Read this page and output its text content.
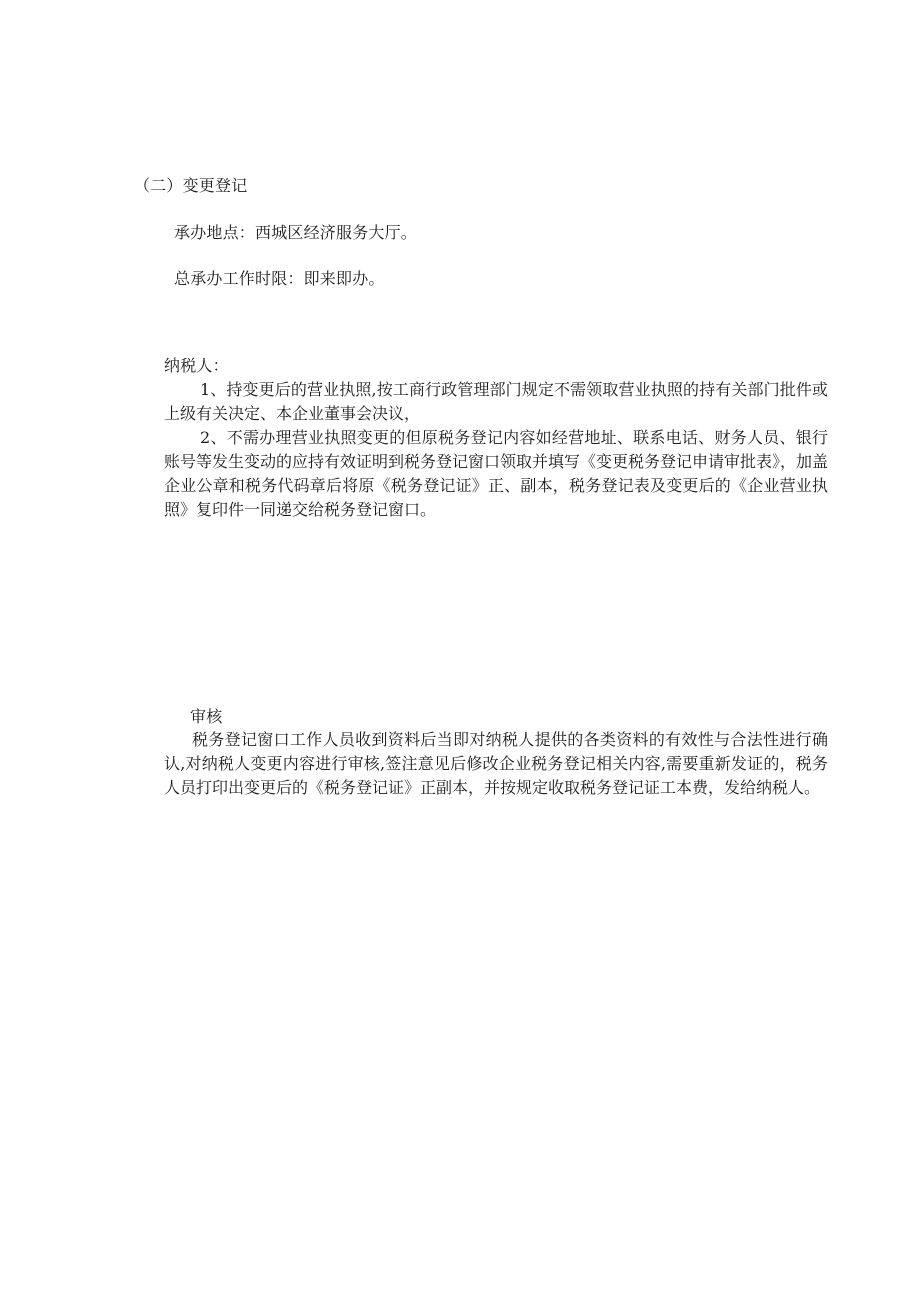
（二）变更登记
承办地点：西城区经济服务大厅。
总承办工作时限：即来即办。
纳税人：
1、持变更后的营业执照,按工商行政管理部门规定不需领取营业执照的持有关部门批件或上级有关决定、本企业董事会决议，
2、不需办理营业执照变更的但原税务登记内容如经营地址、联系电话、财务人员、银行账号等发生变动的应持有效证明到税务登记窗口领取并填写《变更税务登记申请审批表》，加盖企业公章和税务代码章后将原《税务登记证》正、副本，税务登记表及变更后的《企业营业执照》复印件一同递交给税务登记窗口。
审核
税务登记窗口工作人员收到资料后当即对纳税人提供的各类资料的有效性与合法性进行确认,对纳税人变更内容进行审核,签注意见后修改企业税务登记相关内容,需要重新发证的，税务人员打印出变更后的《税务登记证》正副本，并按规定收取税务登记证工本费，发给纳税人。
